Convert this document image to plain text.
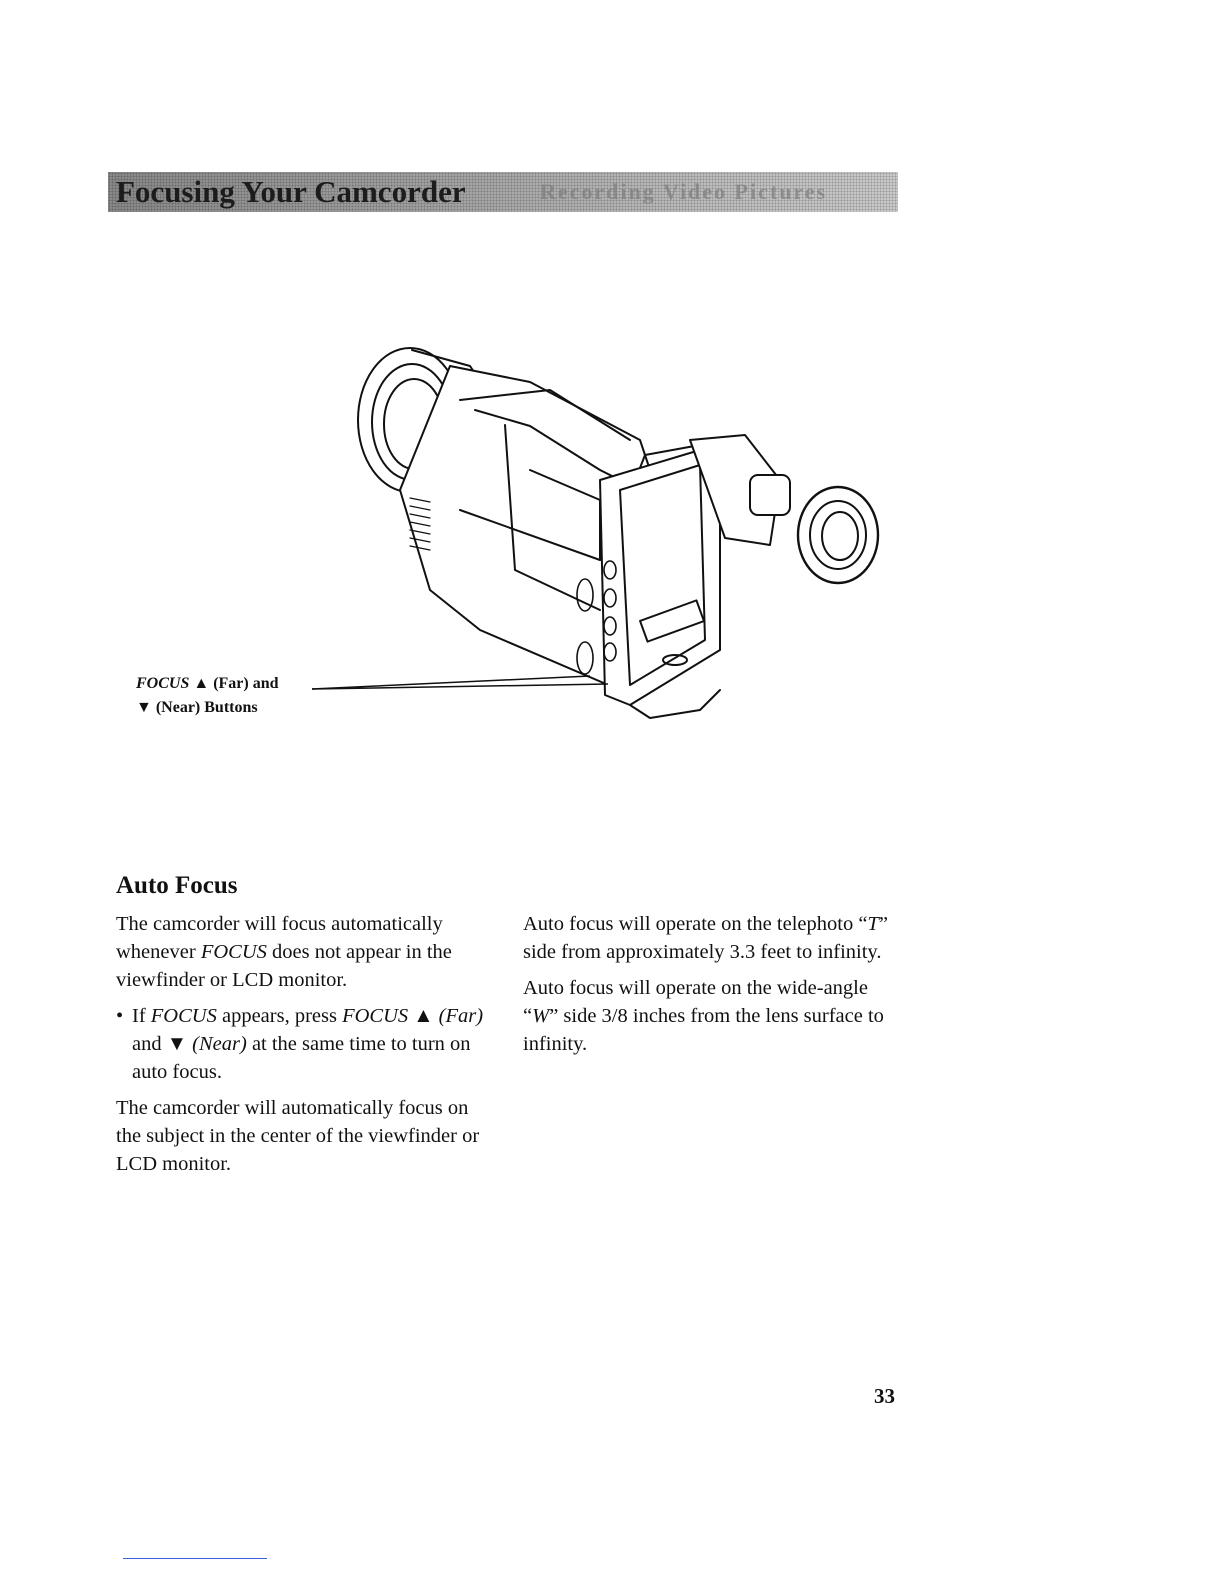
Focusing Your Camcorder	Recording Video Pictures
FOCUS ▲ (Far) and
▼ (Near) Buttons
Auto Focus

The camcorder will focus automatically whenever FOCUS does not appear in the viewfinder or LCD monitor.

• If FOCUS appears, press FOCUS ▲ (Far) and ▼ (Near) at the same time to turn on auto focus.

The camcorder will automatically focus on the subject in the center of the viewfinder or LCD monitor.

Auto focus will operate on the telephoto “T” side from approximately 3.3 feet to infinity.

Auto focus will operate on the wide-angle “W” side 3/8 inches from the lens surface to infinity.

33
